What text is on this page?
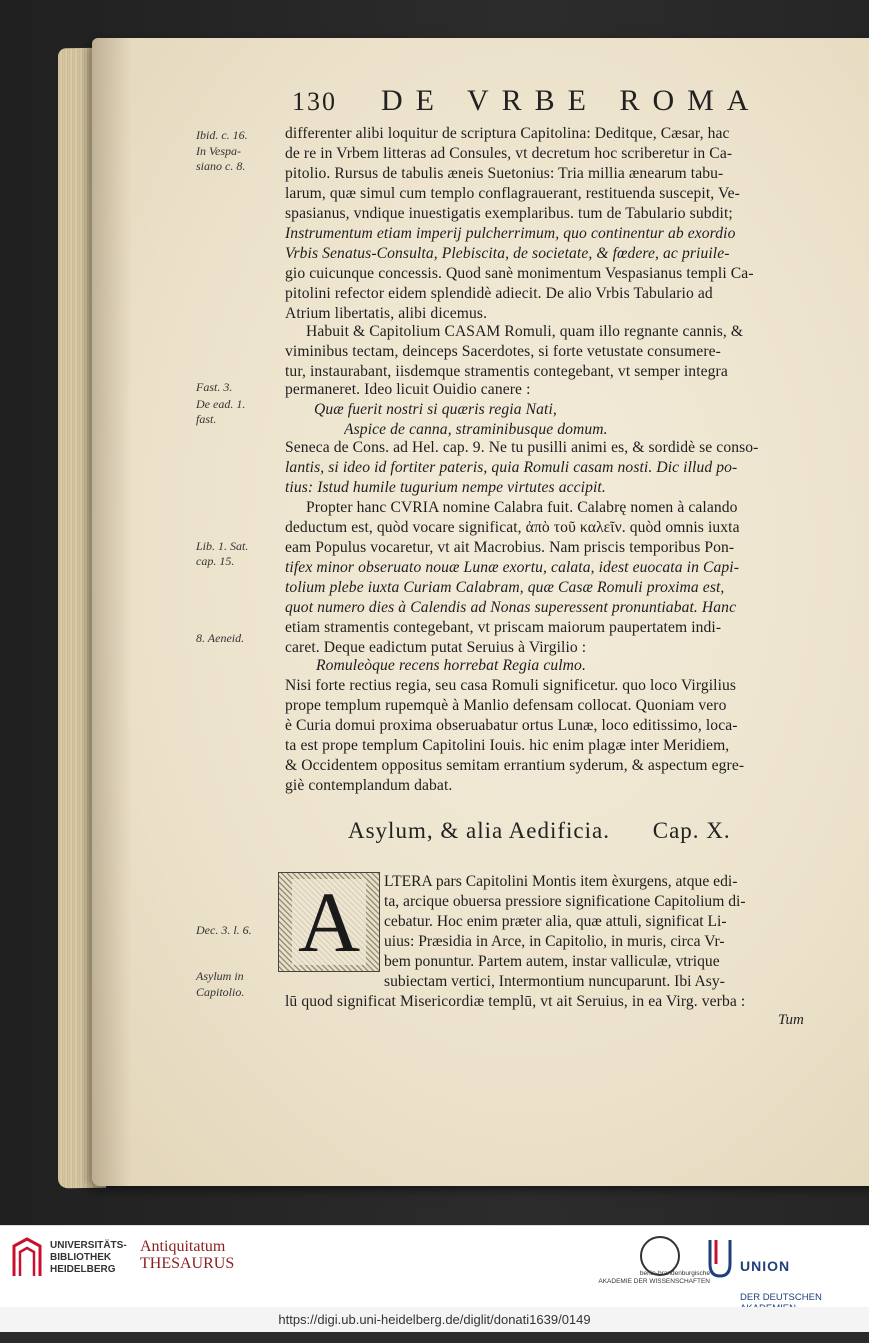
130 DE VRBE ROMA
Ibid. c. 16.
In Vespa-
siano c. 8.
Fast. 3.
De ead. 1.
fast.
Lib. 1. Sat.
cap. 15.
8. Aeneid.
Dec. 3. l. 6.
Asylum in
Capitolio.
differenter alibi loquitur de scriptura Capitolina: Deditque, Cæsar, hac
de re in Vrbem litteras ad Consules, vt decretum hoc scriberetur in Ca-
pitolio. Rursus de tabulis æneis Suetonius: Tria millia ænearum tabu-
larum, quæ simul cum templo conflagrauerant, restituenda suscepit, Ve-
spasianus, vndique inuestigatis exemplaribus. tum de Tabulario subdit;
Instrumentum etiam imperij pulcherrimum, quo continentur ab exordio
Vrbis Senatus-Consulta, Plebiscita, de societate, & fœdere, ac priuile-
gio cuicunque concessis. Quod sanè monimentum Vespasianus templi Ca-
pitolini refector eidem splendidè adiecit. De alio Vrbis Tabulario ad
Atrium libertatis, alibi dicemus.
Habuit & Capitolium CASAM Romuli, quam illo regnante cannis, &
viminibus tectam, deinceps Sacerdotes, si forte vetustate consumere-
tur, instaurabant, iisdemque stramentis contegebant, vt semper integra
permaneret. Ideo licuit Ouidio canere :
Quæ fuerit nostri si quæris regia Nati,
Aspice de canna, straminibusque domum.
Seneca de Cons. ad Hel. cap. 9. Ne tu pusilli animi es, & sordidè se conso-
lantis, si ideo id fortiter pateris, quia Romuli casam nosti. Dic illud po-
tius: Istud humile tugurium nempe virtutes accipit.
Propter hanc CVRIA nomine Calabra fuit. Calabrę nomen à calando
deductum est, quòd vocare significat, ἀπὸ τοῦ καλεῖν. quòd omnis iuxta
eam Populus vocaretur, vt ait Macrobius. Nam priscis temporibus Pon-
tifex minor obseruato nouæ Lunæ exortu, calata, idest euocata in Capi-
tolium plebe iuxta Curiam Calabram, quæ Casæ Romuli proxima est,
quot numero dies à Calendis ad Nonas superessent pronuntiabat. Hanc
etiam stramentis contegebant, vt priscam maiorum paupertatem indi-
caret. Deque eadictum putat Seruius à Virgilio :
Romuleòque recens horrebat Regia culmo.
Nisi forte rectius regia, seu casa Romuli significetur. quo loco Virgilius
prope templum rupemquè à Manlio defensam collocat. Quoniam vero
è Curia domui proxima obseruabatur ortus Lunæ, loco editissimo, loca-
ta est prope templum Capitolini Iouis. hic enim plagæ inter Meridiem,
& Occidentem oppositus semitam errantium syderum, & aspectum egre-
giè contemplandum dabat.
Asylum, & alia Aedificia. Cap. X.
A	LTERA pars Capitolini Montis item èxurgens, atque edi-
ta, arcique obuersa pressiore significatione Capitolium di-
cebatur. Hoc enim præter alia, quæ attuli, significat Li-
uius: Præsidia in Arce, in Capitolio, in muris, circa Vr-
bem ponuntur. Partem autem, instar valliculæ, vtrique
subiectam vertici, Intermontium nuncuparunt. Ibi Asy-
lū quod significat Misericordiæ templū, vt ait Seruius, in ea Virg. verba :
Tum
UNIVERSITÄTS-
BIBLIOTHEK
HEIDELBERG
Antiquitatum
THESAURUS
berlin-brandenburgische
AKADEMIE DER WISSENSCHAFTEN

UNION

DER DEUTSCHEN

https://digi.ub.uni-heidelberg.de/diglit/donati1639/0149
